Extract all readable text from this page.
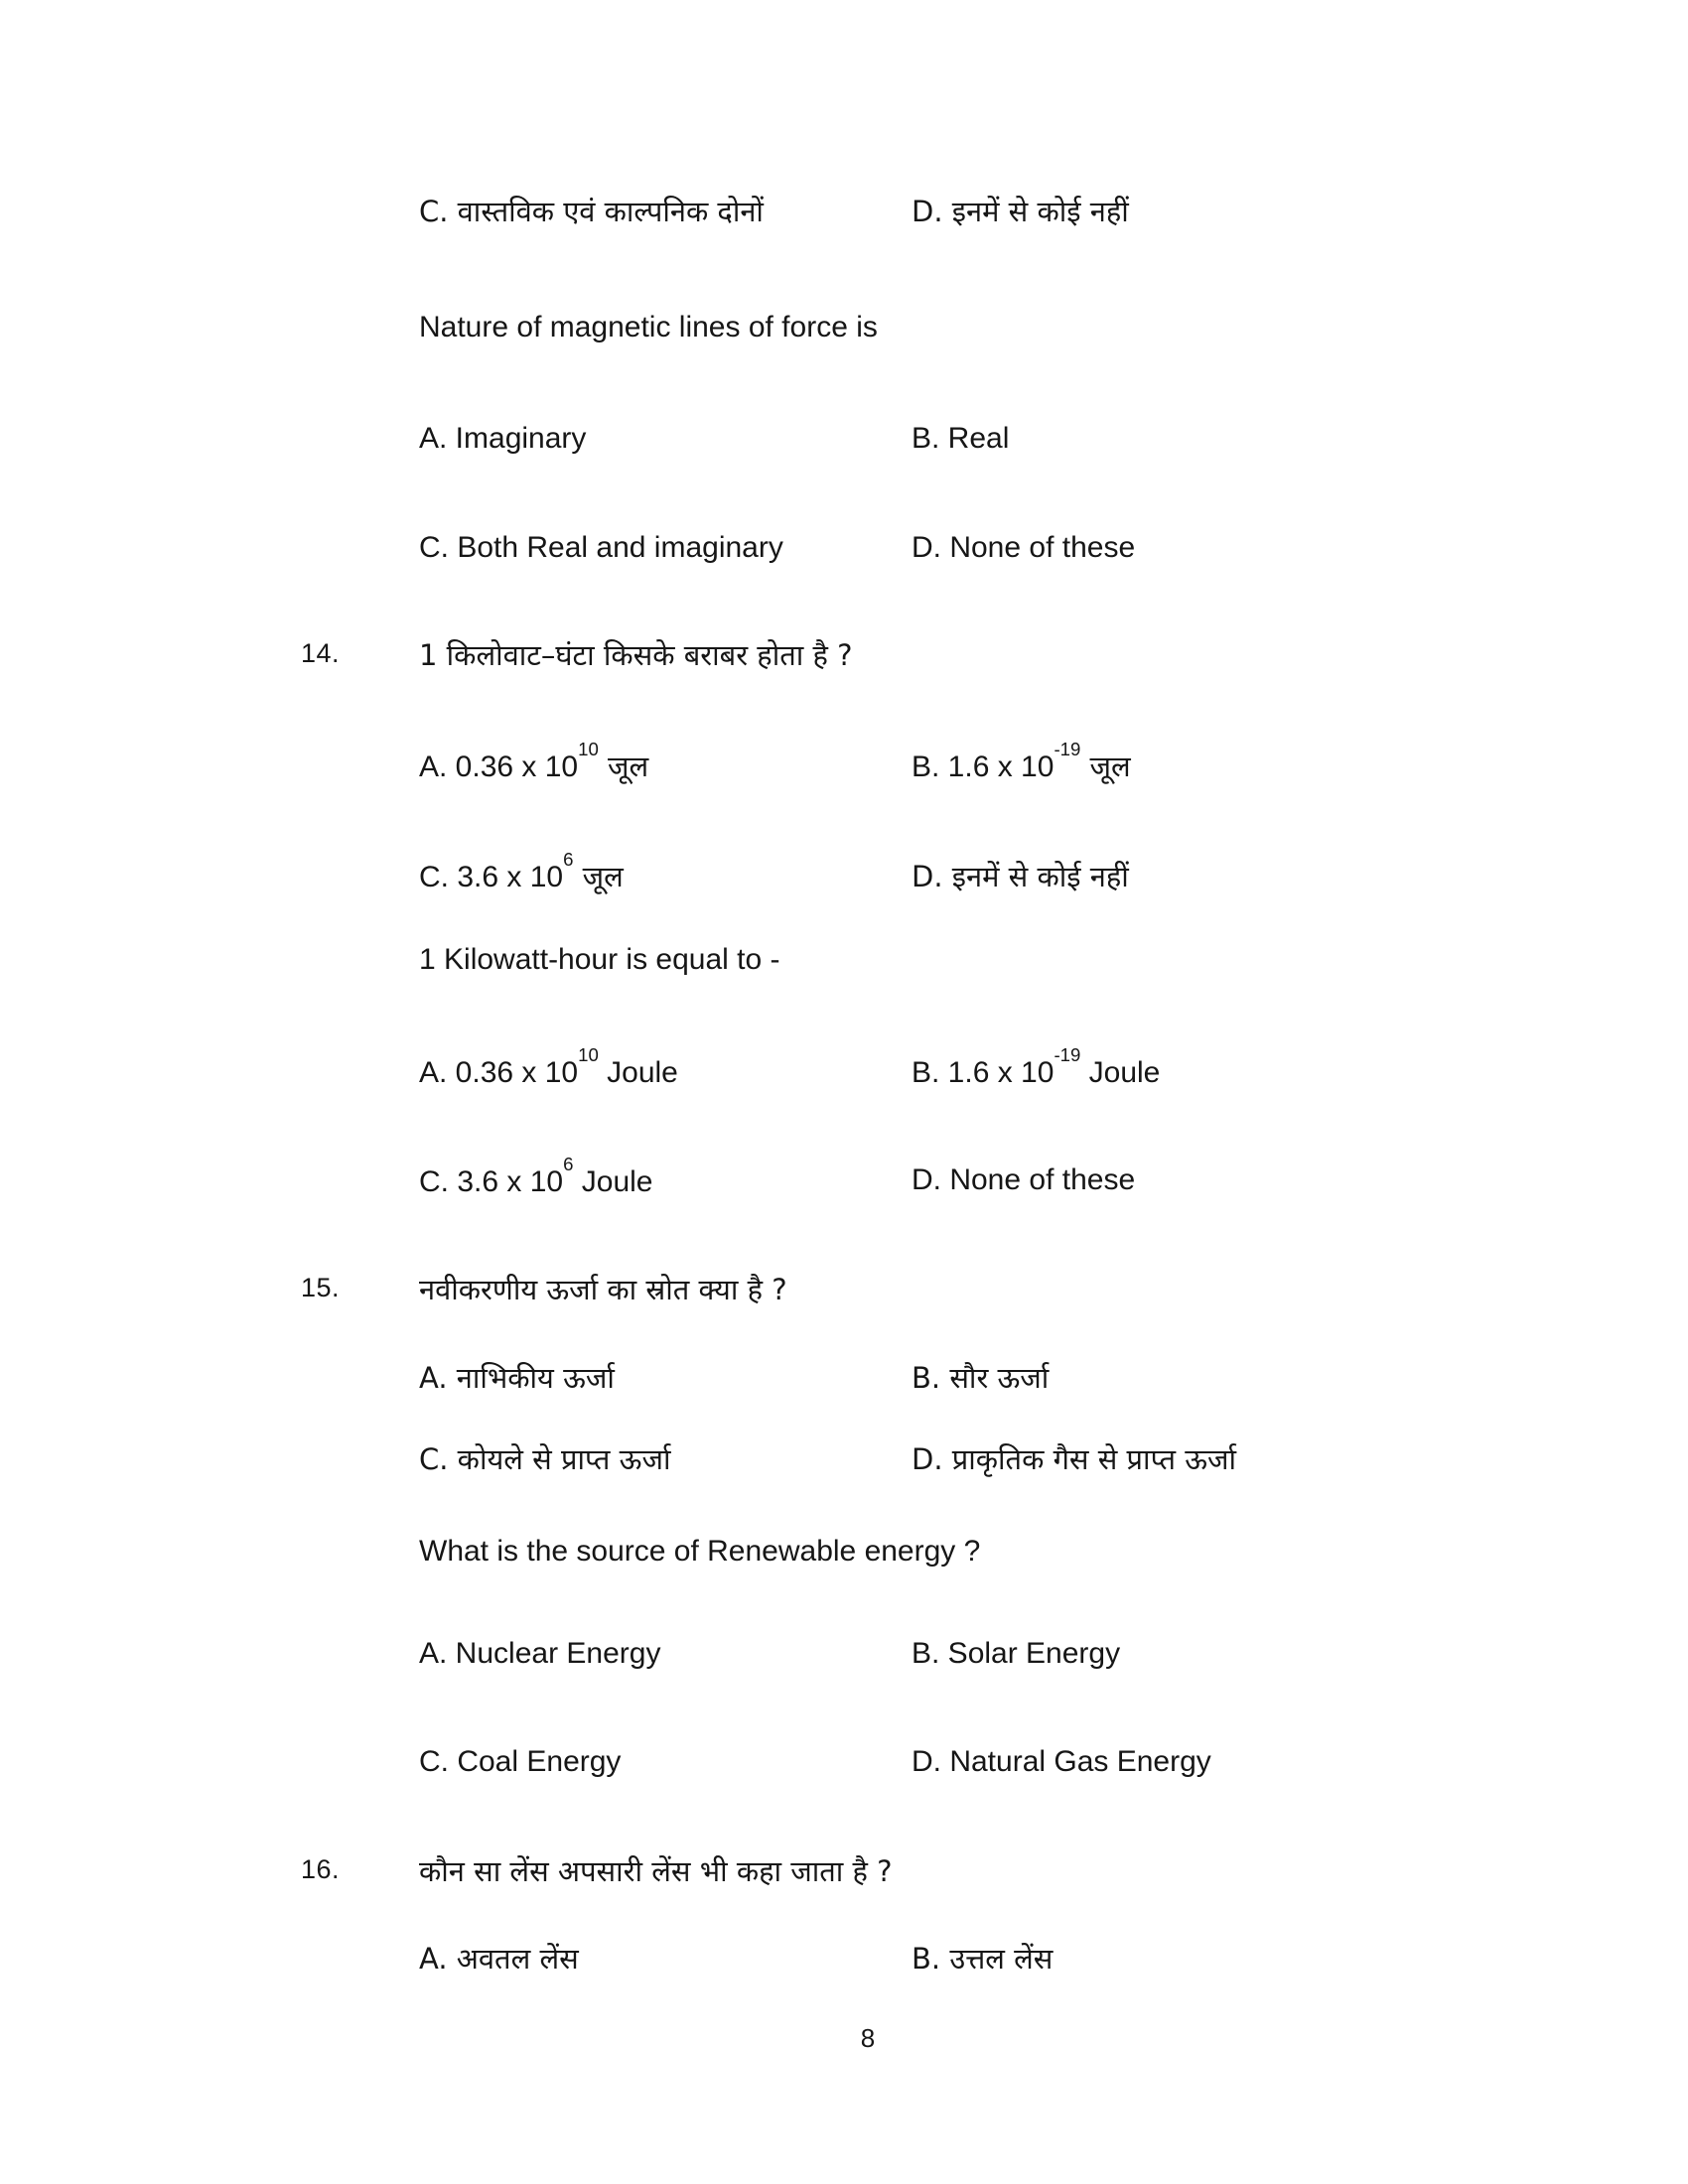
C. वास्तविक एवं काल्पनिक दोनों	D. इनमें से कोई नहीं
Nature of magnetic lines of force is
A. Imaginary	B. Real
C. Both Real and imaginary	D. None of these
14.	1 किलोवाट–घंटा किसके बराबर होता है ?
A. 0.36 x $10^{10}$ जूल	B. 1.6 x $10^{-19}$ जूल
C. 3.6 x $10^6$ जूल	D. इनमें से कोई नहीं
1 Kilowatt-hour is equal to -
A. 0.36 x $10^{10}$ Joule	B. 1.6 x $10^{-19}$ Joule
C. 3.6 x $10^6$ Joule	D. None of these
15.	नवीकरणीय ऊर्जा का स्रोत क्या है ?
A. नाभिकीय ऊर्जा	B. सौर ऊर्जा
C. कोयले से प्राप्त ऊर्जा	D. प्राकृतिक गैस से प्राप्त ऊर्जा
What is the source of Renewable energy ?
A. Nuclear Energy	B. Solar Energy
C. Coal Energy	D. Natural Gas Energy
16.	कौन सा लेंस अपसारी लेंस भी कहा जाता है ?
A. अवतल लेंस	B. उत्तल लेंस
8
